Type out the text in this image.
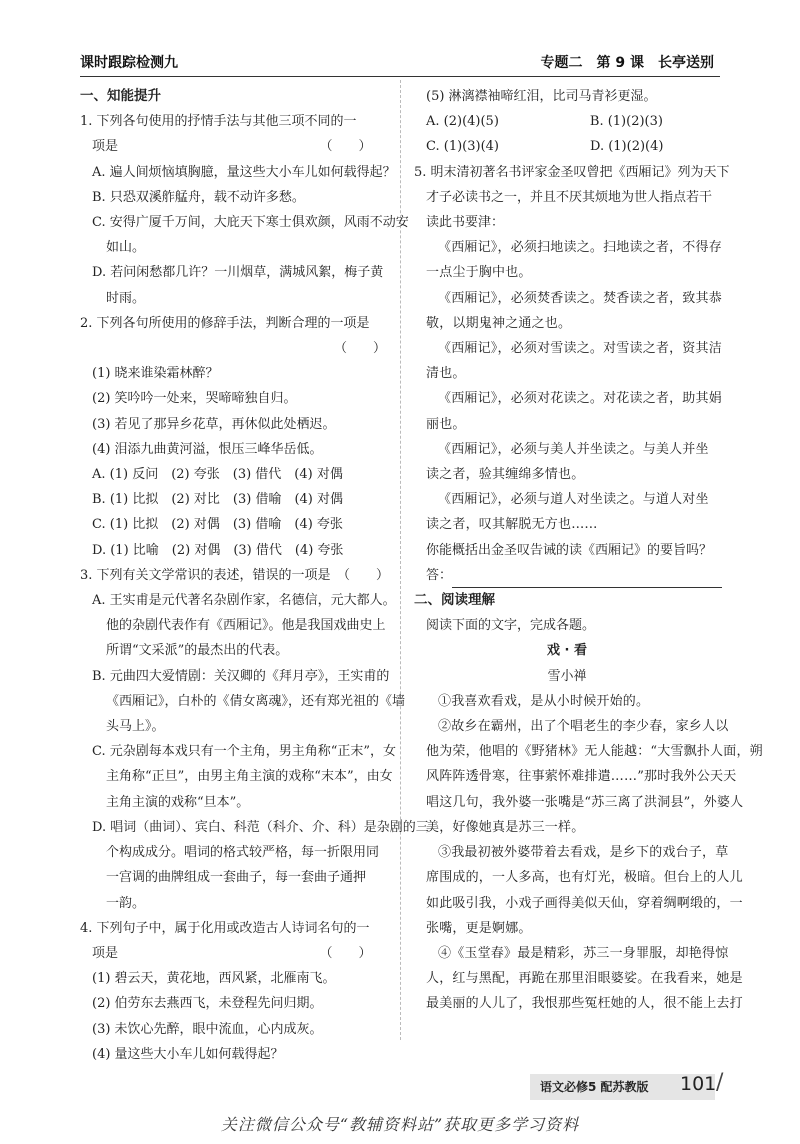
课时跟踪检测九	专题二　第 9 课　长亭送别
一、知能提升
1. 下列各句使用的抒情手法与其他三项不同的一
项是　　　　　　　　　　　　　　　　（　　）
A. 遍人间烦恼填胸臆，量这些大小车儿如何载得起？
B. 只恐双溪舴艋舟，载不动许多愁。
C. 安得广厦千万间，大庇天下寒士俱欢颜，风雨不动安
如山。
D. 若问闲愁都几许？一川烟草，满城风絮，梅子黄
时雨。
2. 下列各句所使用的修辞手法，判断合理的一项是
（　　）
(1) 晓来谁染霜林醉？
(2) 笑吟吟一处来，哭啼啼独自归。
(3) 若见了那异乡花草，再休似此处栖迟。
(4) 泪添九曲黄河溢，恨压三峰华岳低。
A. (1) 反问　(2) 夸张　(3) 借代　(4) 对偶
B. (1) 比拟　(2) 对比　(3) 借喻　(4) 对偶
C. (1) 比拟　(2) 对偶　(3) 借喻　(4) 夸张
D. (1) 比喻　(2) 对偶　(3) 借代　(4) 夸张
3. 下列有关文学常识的表述，错误的一项是　（　　）
A. 王实甫是元代著名杂剧作家，名德信，元大都人。
他的杂剧代表作有《西厢记》。他是我国戏曲史上
所谓“文采派”的最杰出的代表。
B. 元曲四大爱情剧：关汉卿的《拜月亭》，王实甫的
《西厢记》，白朴的《倩女离魂》，还有郑光祖的《墙
头马上》。
C. 元杂剧每本戏只有一个主角，男主角称“正末”，女
主角称“正旦”，由男主角主演的戏称“末本”，由女
主角主演的戏称“旦本”。
D. 唱词（曲词）、宾白、科范（科介、介、科）是杂剧的三
个构成成分。唱词的格式较严格，每一折限用同
一宫调的曲牌组成一套曲子，每一套曲子通押
一韵。
4. 下列句子中，属于化用或改造古人诗词名句的一
项是　　　　　　　　　　　　　　　　（　　）
(1) 碧云天，黄花地，西风紧，北雁南飞。
(2) 伯劳东去燕西飞，未登程先问归期。
(3) 未饮心先醉，眼中流血，心内成灰。
(4) 量这些大小车儿如何载得起？
(5) 淋漓襟袖啼红泪，比司马青衫更湿。
A. (2)(4)(5)　　　　　　　B. (1)(2)(3)
C. (1)(3)(4)　　　　　　　D. (1)(2)(4)
5. 明末清初著名书评家金圣叹曾把《西厢记》列为天下
才子必读书之一，并且不厌其烦地为世人指点若干
读此书要津：
《西厢记》，必须扫地读之。扫地读之者，不得存
一点尘于胸中也。
《西厢记》，必须焚香读之。焚香读之者，致其恭
敬，以期鬼神之通之也。
《西厢记》，必须对雪读之。对雪读之者，资其洁
清也。
《西厢记》，必须对花读之。对花读之者，助其娟
丽也。
《西厢记》，必须与美人并坐读之。与美人并坐
读之者，验其缠绵多情也。
《西厢记》，必须与道人对坐读之。与道人对坐
读之者，叹其解脱无方也……
你能概括出金圣叹告诫的读《西厢记》的要旨吗？
答：
二、阅读理解
阅读下面的文字，完成各题。
戏 · 看
雪小禅
①我喜欢看戏，是从小时候开始的。
②故乡在霸州，出了个唱老生的李少春，家乡人以
他为荣，他唱的《野猪林》无人能越：“大雪飘扑人面，朔
风阵阵透骨寒，往事萦怀难排遣……”那时我外公天天
唱这几句，我外婆一张嘴是“苏三离了洪洞县”，外婆人
美，好像她真是苏三一样。
③我最初被外婆带着去看戏，是乡下的戏台子，草
席围成的，一人多高，也有灯光，极暗。但台上的人儿
如此吸引我，小戏子画得美似天仙，穿着绸啊缎的，一
张嘴，更是婀娜。
④《玉堂春》最是精彩，苏三一身罪服，却艳得惊
人，红与黑配，再跪在那里泪眼婆娑。在我看来，她是
最美丽的人儿了，我恨那些冤枉她的人，很不能上去打
语文必修5 配苏教版 101 /
关注微信公众号“教辅资料站”获取更多学习资料
